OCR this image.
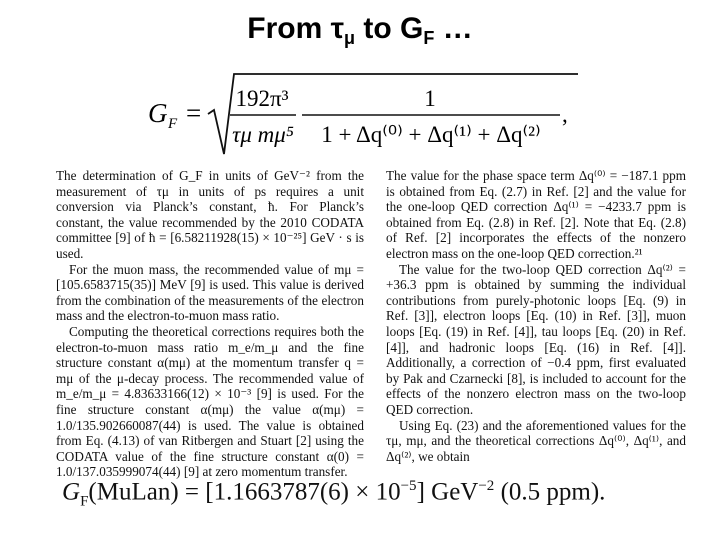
From $\tau_\mu$ to $G_F$ …
G F = 192π³
τμ mμ⁵
1
1 + Δq⁽⁰⁾ + Δq⁽¹⁾ + Δq⁽²⁾
,

The determination of G_F in units of GeV⁻² from the measurement of τμ in units of ps requires a unit conversion via Planck’s constant, ħ. For Planck’s constant, the value recommended by the 2010 CODATA committee [9] of ħ = [6.58211928(15) × 10⁻²⁵] GeV · s is used.

For the muon mass, the recommended value of mμ = [105.6583715(35)] MeV [9] is used. This value is derived from the combination of the measurements of the electron mass and the electron-to-muon mass ratio.

Computing the theoretical corrections requires both the electron-to-muon mass ratio m_e/m_μ and the fine structure constant α(mμ) at the momentum transfer q = mμ of the μ-decay process. The recommended value of m_e/m_μ = 4.83633166(12) × 10⁻³ [9] is used. For the fine structure constant α(mμ) the value α(mμ) = 1.0/135.902660087(44) is used. The value is obtained from Eq. (4.13) of van Ritbergen and Stuart [2] using the CODATA value of the fine structure constant α(0) = 1.0/137.035999074(44) [9] at zero momentum transfer.

The value for the phase space term Δq⁽⁰⁾ = −187.1 ppm is obtained from Eq. (2.7) in Ref. [2] and the value for the one-loop QED correction Δq⁽¹⁾ = −4233.7 ppm is obtained from Eq. (2.8) in Ref. [2]. Note that Eq. (2.8) of Ref. [2] incorporates the effects of the nonzero electron mass on the one-loop QED correction.²¹

The value for the two-loop QED correction Δq⁽²⁾ = +36.3 ppm is obtained by summing the individual contributions from purely-photonic loops [Eq. (9) in Ref. [3]], electron loops [Eq. (10) in Ref. [3]], muon loops [Eq. (19) in Ref. [4]], tau loops [Eq. (20) in Ref. [4]], and hadronic loops [Eq. (16) in Ref. [4]]. Additionally, a correction of −0.4 ppm, first evaluated by Pak and Czarnecki [8], is included to account for the effects of the nonzero electron mass on the two-loop QED correction.

Using Eq. (23) and the aforementioned values for the τμ, mμ, and the theoretical corrections Δq⁽⁰⁾, Δq⁽¹⁾, and Δq⁽²⁾, we obtain

$G_F(MuLan) = [1.1663787(6) \times 10^{-5}]$ GeV$^{-2}$ (0.5 ppm).
